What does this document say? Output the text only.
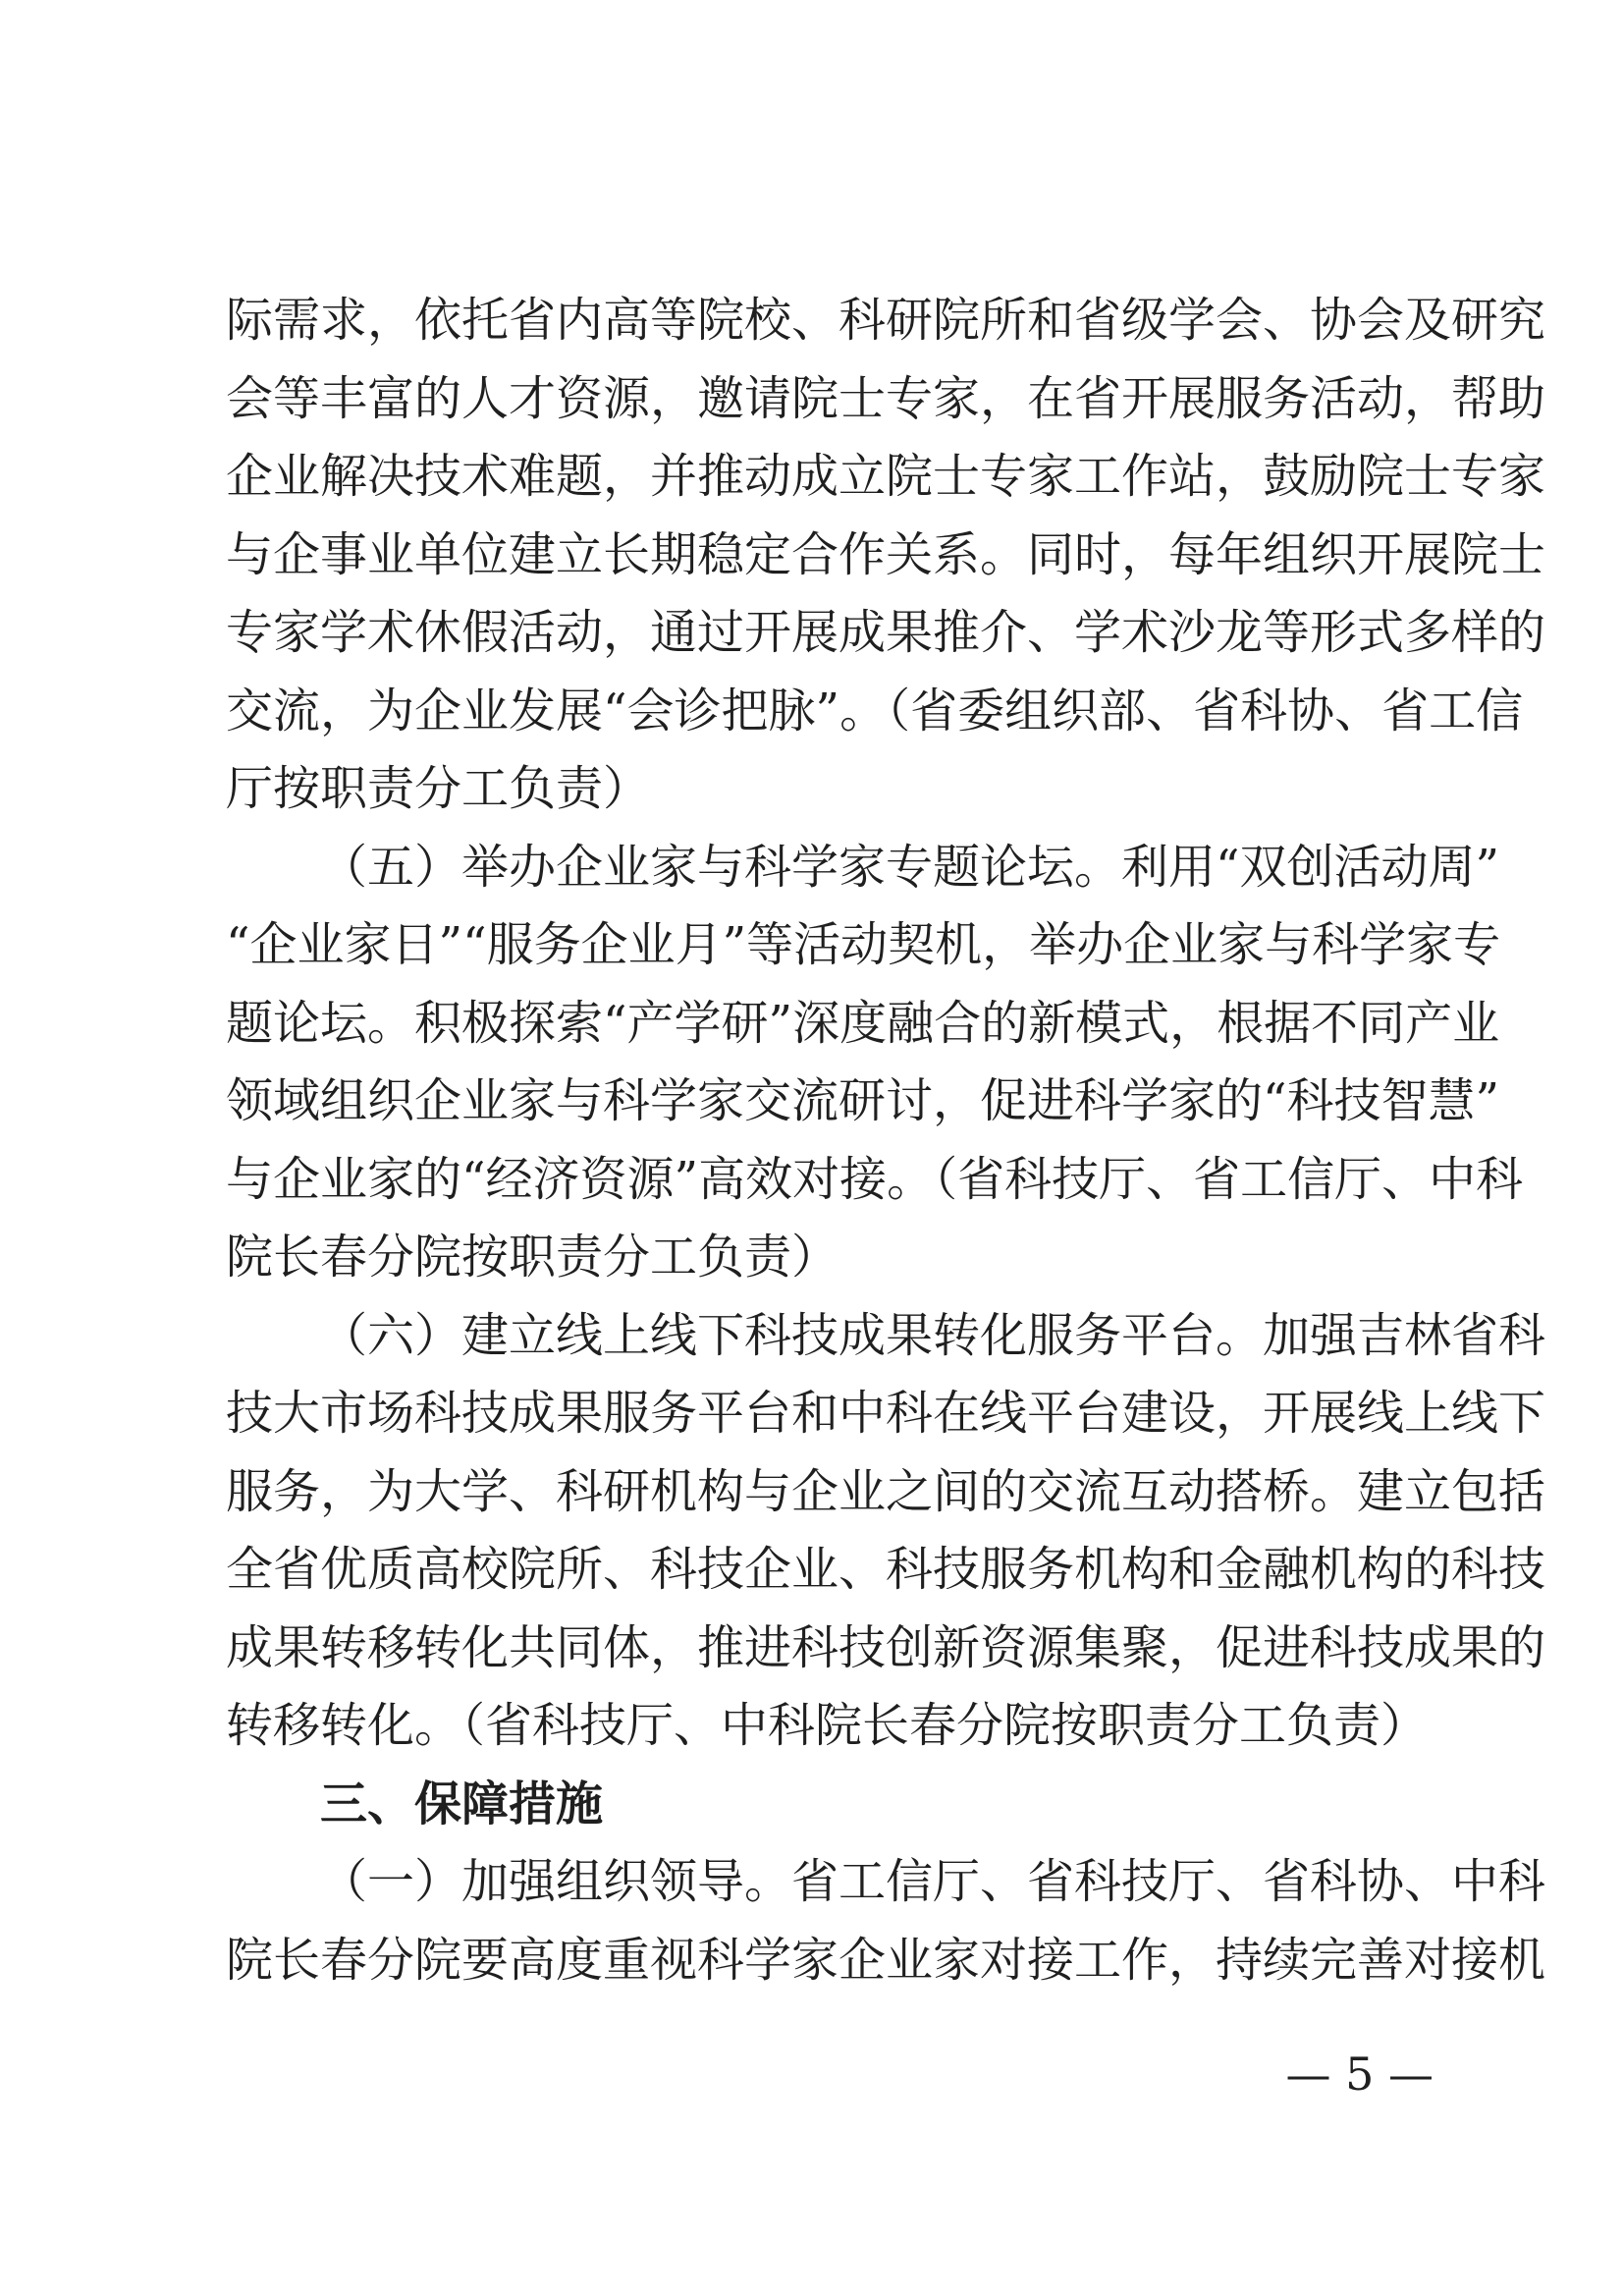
际需求，依托省内高等院校、科研院所和省级学会、协会及研究
会等丰富的人才资源，邀请院士专家，在省开展服务活动，帮助
企业解决技术难题，并推动成立院士专家工作站，鼓励院士专家
与企事业单位建立长期稳定合作关系。同时，每年组织开展院士
专家学术休假活动，通过开展成果推介、学术沙龙等形式多样的
交流，为企业发展“会诊把脉”。（省委组织部、省科协、省工信
厅按职责分工负责）
（五）举办企业家与科学家专题论坛。利用“双创活动周”
“企业家日”“服务企业月”等活动契机，举办企业家与科学家专
题论坛。积极探索“产学研”深度融合的新模式，根据不同产业
领域组织企业家与科学家交流研讨，促进科学家的“科技智慧”
与企业家的“经济资源”高效对接。（省科技厅、省工信厅、中科
院长春分院按职责分工负责）
（六）建立线上线下科技成果转化服务平台。加强吉林省科
技大市场科技成果服务平台和中科在线平台建设，开展线上线下
服务，为大学、科研机构与企业之间的交流互动搭桥。建立包括
全省优质高校院所、科技企业、科技服务机构和金融机构的科技
成果转移转化共同体，推进科技创新资源集聚，促进科技成果的
转移转化。（省科技厅、中科院长春分院按职责分工负责）
三、保障措施
（一）加强组织领导。省工信厅、省科技厅、省科协、中科
院长春分院要高度重视科学家企业家对接工作，持续完善对接机
— 5 —
